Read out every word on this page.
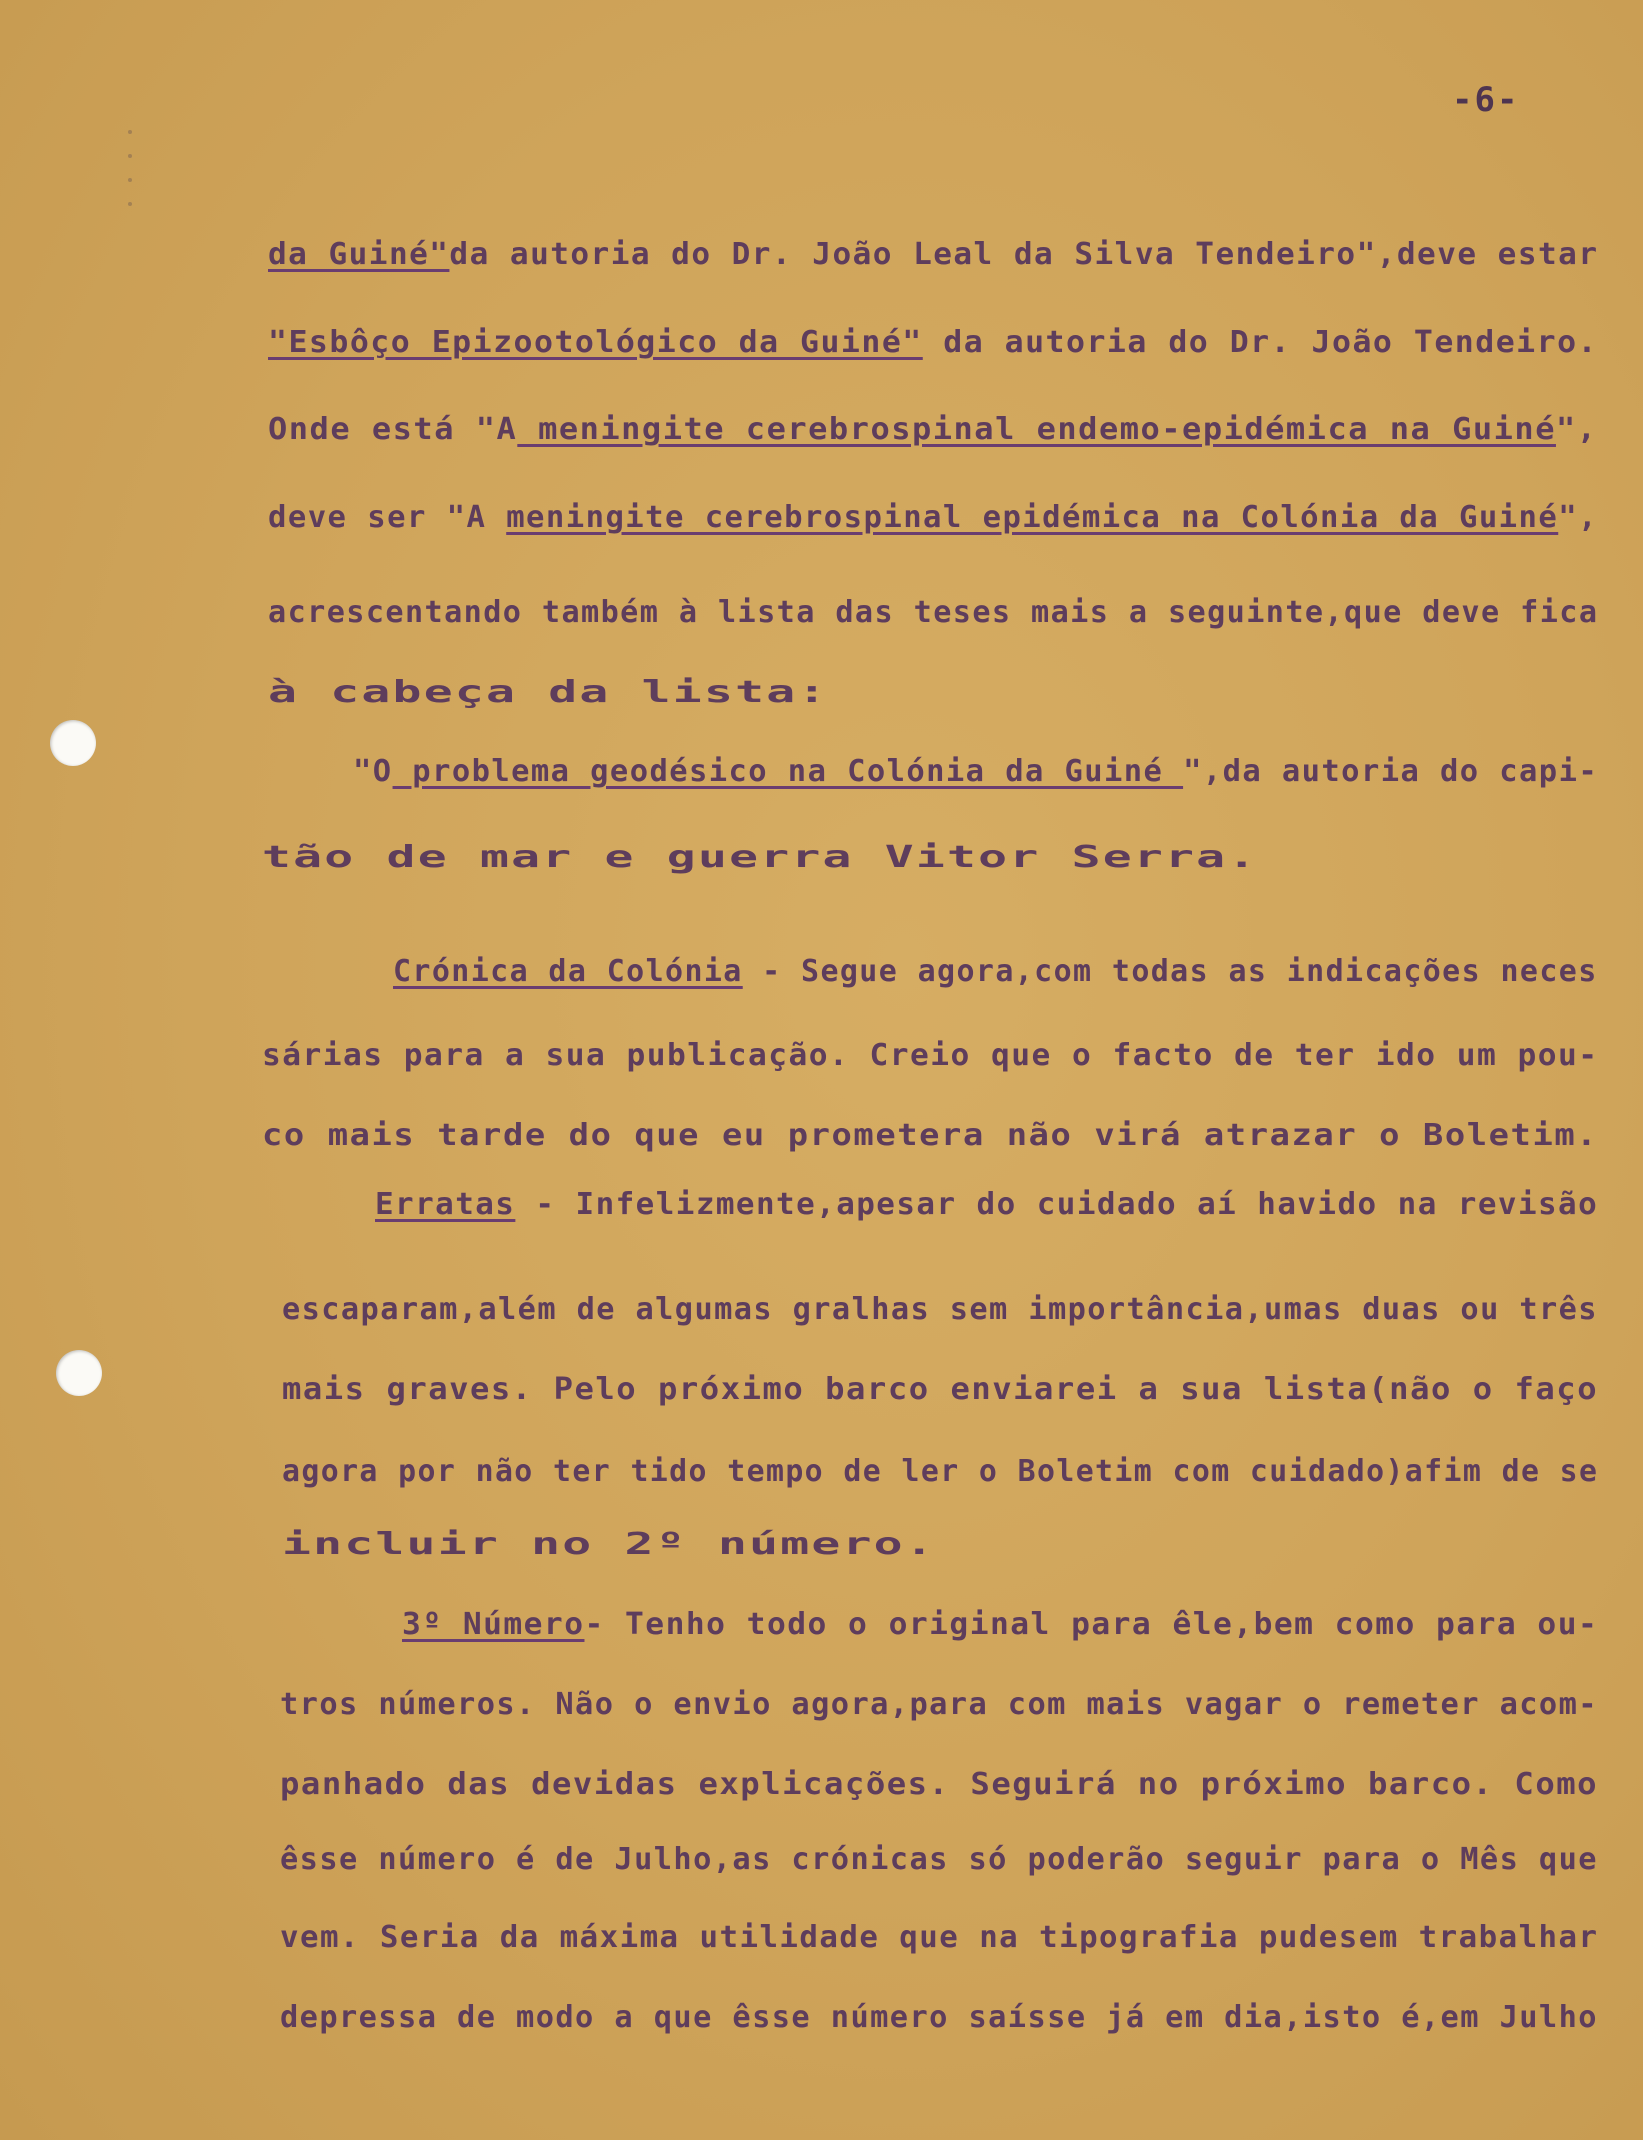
-6-
da Guiné"da autoria do Dr. João Leal da Silva Tendeiro",deve estar
"Esbôço Epizootológico da Guiné" da autoria do Dr. João Tendeiro.
Onde está "A meningite cerebrospinal endemo-epidémica na Guiné",
deve ser "A meningite cerebrospinal epidémica na Colónia da Guiné",
acrescentando também à lista das teses mais a seguinte,que deve fica
à cabeça da lista:
"O problema geodésico na Colónia da Guiné ",da autoria do capi-
tão de mar e guerra Vitor Serra.
Crónica da Colónia - Segue agora,com todas as indicações neces
sárias para a sua publicação. Creio que o facto de ter ido um pou-
co mais tarde do que eu prometera não virá atrazar o Boletim.
Erratas - Infelizmente,apesar do cuidado aí havido na revisão
escaparam,além de algumas gralhas sem importância,umas duas ou três
mais graves. Pelo próximo barco enviarei a sua lista(não o faço
agora por não ter tido tempo de ler o Boletim com cuidado)afim de se
incluir no 2º número.
3º Número- Tenho todo o original para êle,bem como para ou-
tros números. Não o envio agora,para com mais vagar o remeter acom-
panhado das devidas explicações. Seguirá no próximo barco. Como
êsse número é de Julho,as crónicas só poderão seguir para o Mês que
vem. Seria da máxima utilidade que na tipografia pudesem trabalhar
depressa de modo a que êsse número saísse já em dia,isto é,em Julho
